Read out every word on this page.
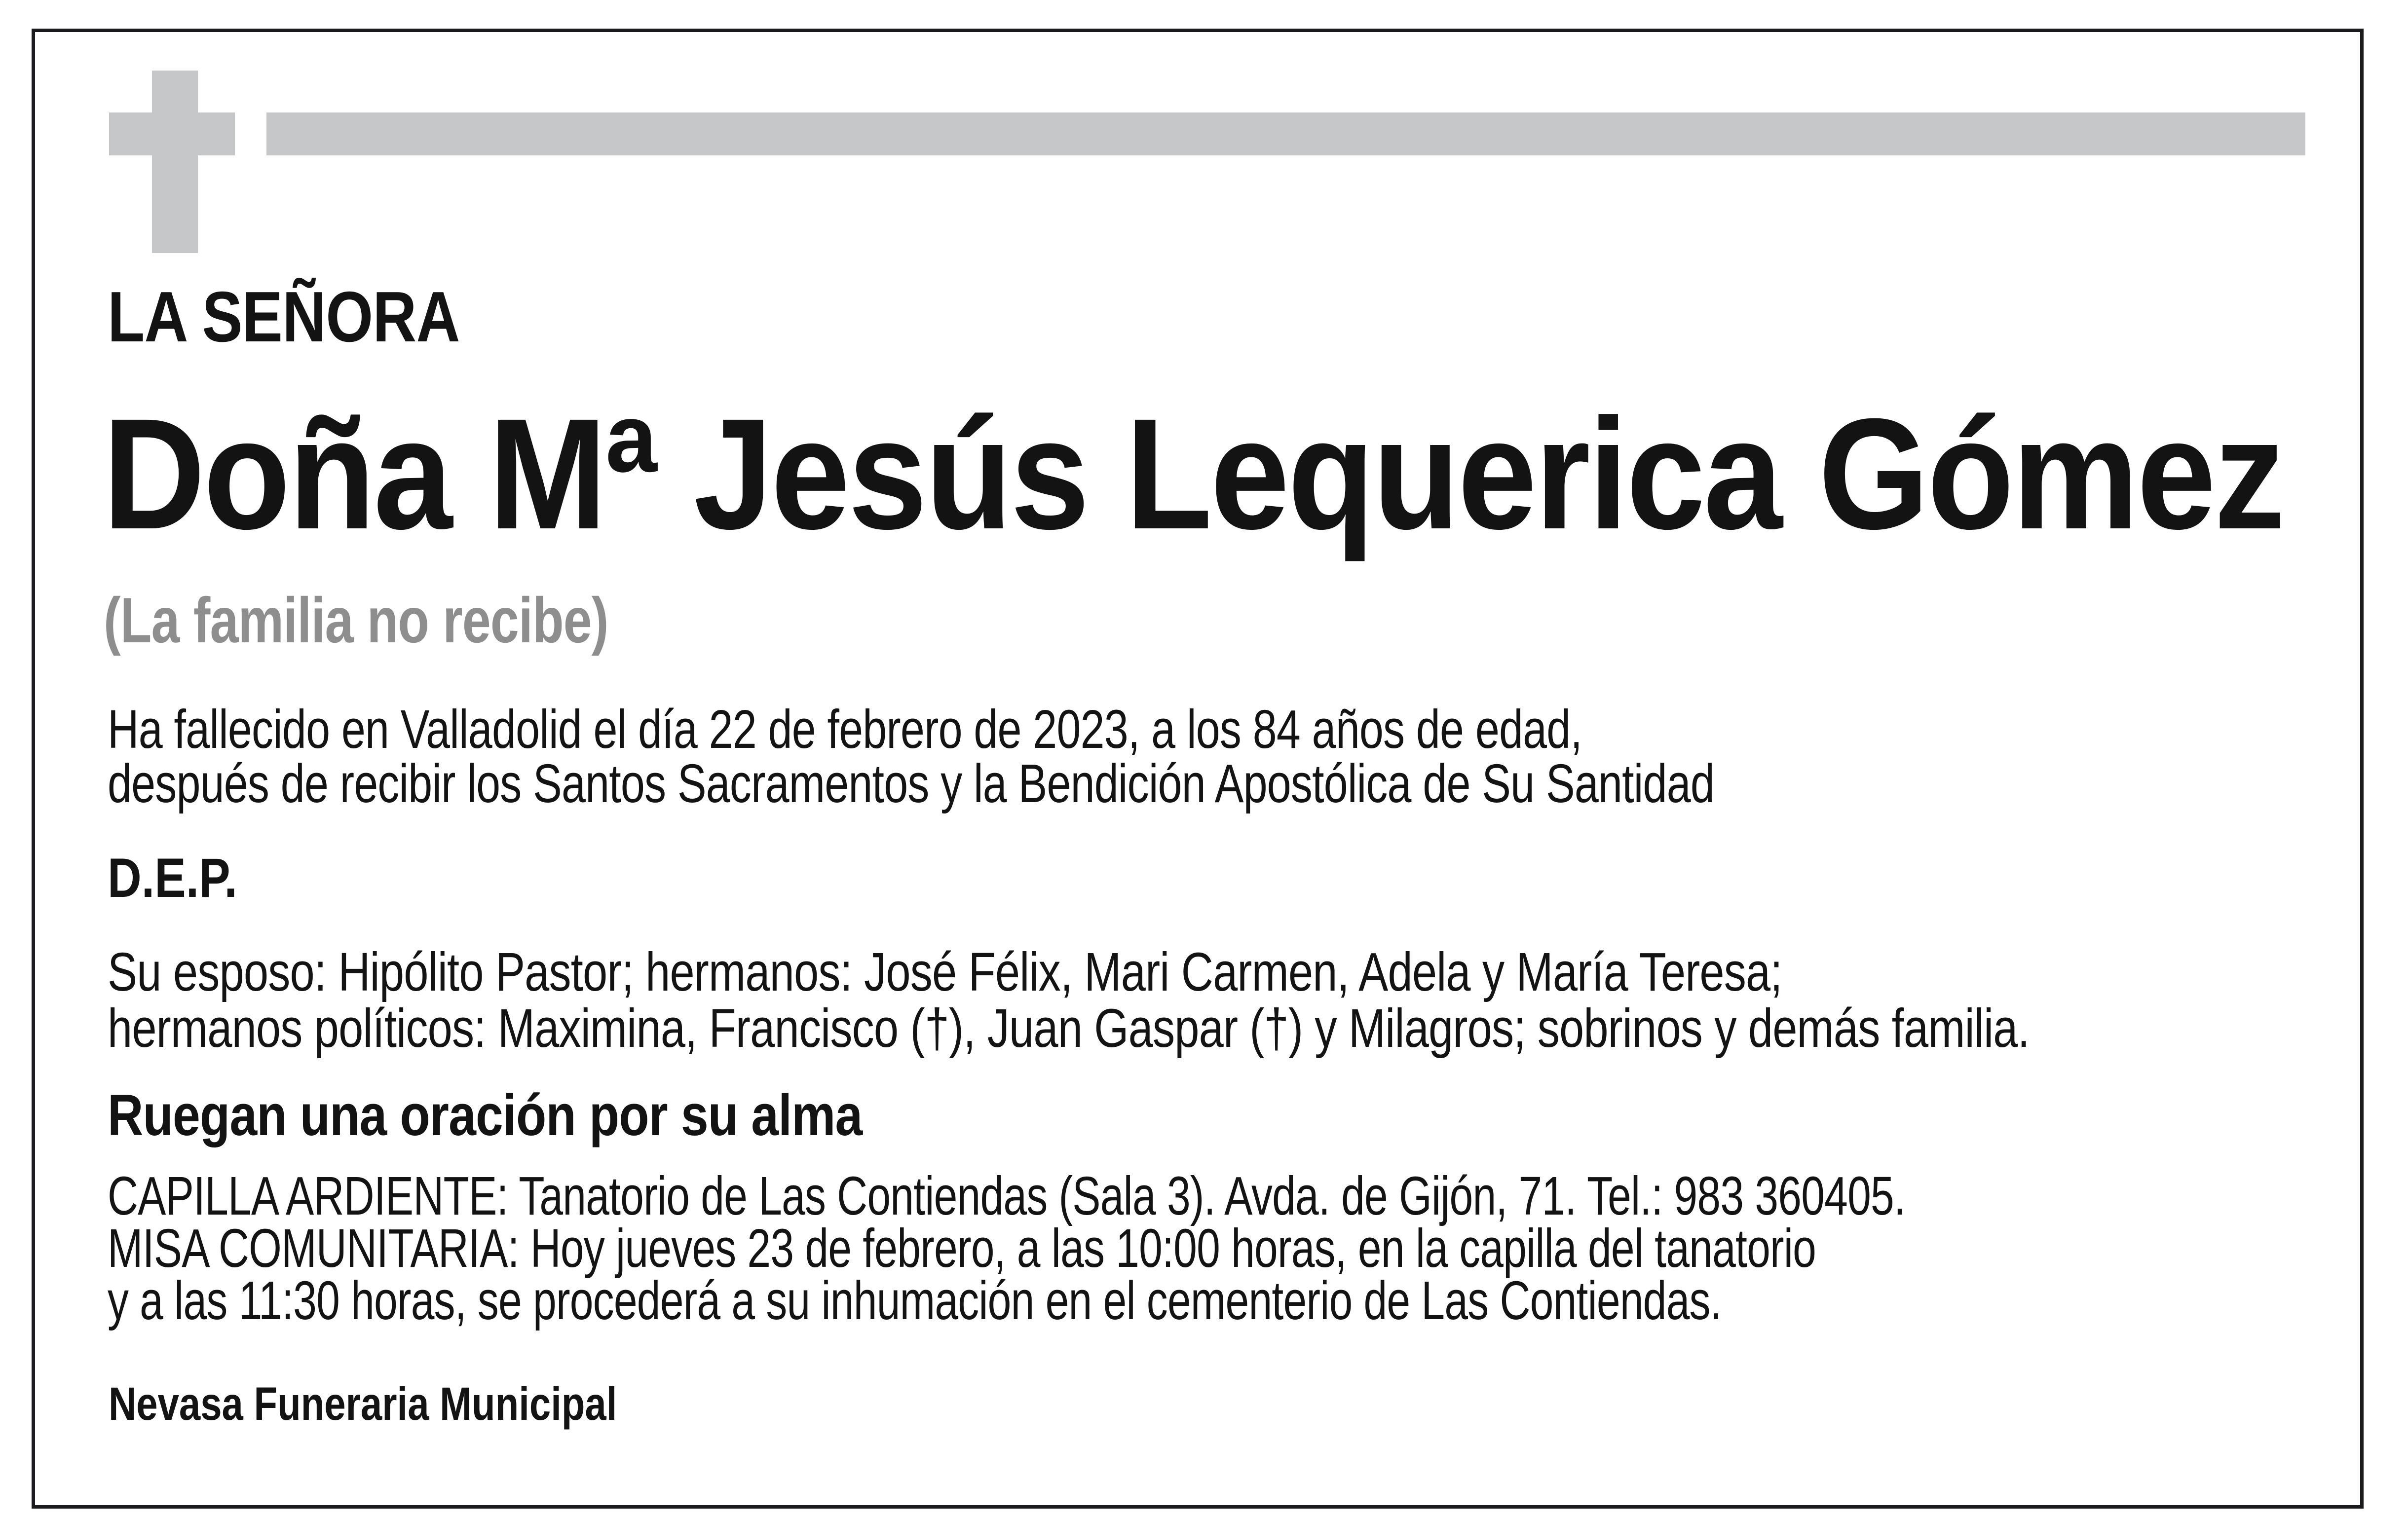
LA SEÑORA
Doña Mª Jesús Lequerica Gómez
(La familia no recibe)
Ha fallecido en Valladolid el día 22 de febrero de 2023, a los 84 años de edad,
después de recibir los Santos Sacramentos y la Bendición Apostólica de Su Santidad
D.E.P.
Su esposo: Hipólito Pastor; hermanos: José Félix, Mari Carmen, Adela y María Teresa;
hermanos políticos: Maximina, Francisco (†), Juan Gaspar (†) y Milagros; sobrinos y demás familia.
Ruegan una oración por su alma
CAPILLA ARDIENTE: Tanatorio de Las Contiendas (Sala 3). Avda. de Gijón, 71. Tel.: 983 360405.
MISA COMUNITARIA: Hoy jueves 23 de febrero, a las 10:00 horas, en la capilla del tanatorio
y a las 11:30 horas, se procederá a su inhumación en el cementerio de Las Contiendas.
Nevasa Funeraria Municipal
